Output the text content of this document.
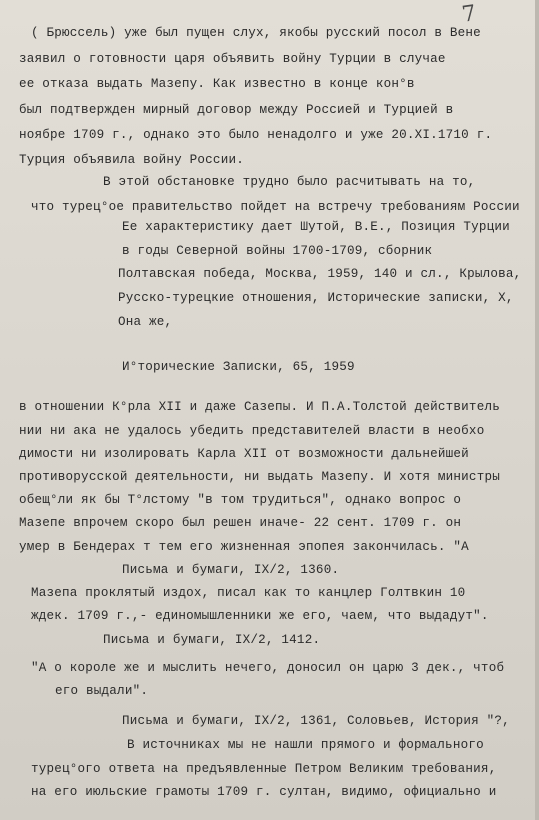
7
( Брюссель) уже был пущен слух, якобы русский посол в Вене
заявил о готовности царя объявить войну Турции в случае
ее отказа выдать Мазепу. Как известно в конце кон°в
был подтвержден мирный договор между Россией и Турцией в
ноябре 1709 г., однако это было ненадолго и уже 20.XI.1710 г.
Турция объявила войну России.
В этой обстановке трудно было расчитывать на то,
что турец°ое правительство пойдет на встречу требованиям России
Ее характеристику дает Шутой, В.Е., Позиция Турции
в годы Северной войны 1700-1709, сборник
Полтавская победа, Москва, 1959, 140 и сл., Крылова,
Русско-турецкие отношения, Исторические записки, Х,
Она же,
И°торические Записки, 65, 1959
в отношении К°рла XII и даже Сазепы. И П.А.Толстой действитель
нии ни ака не удалось убедить представителей власти в необхо
димости ни изолировать Карла XII от возможности дальнейшей
противорусской деятельности, ни выдать Мазепу. И хотя министры
обещ°ли як бы Т°лстому "в том трудиться", однако вопрос о
Мазепе впрочем скоро был решен иначе- 22 сент. 1709 г. он
умер в Бендерах т тем его жизненная эпопея закончилась. "А
Письма и бумаги, IX/2, 1360.
Мазепа проклятый издох, писал как то канцлер Голтвкин 10
ждек. 1709 г.,- единомышленники же его, чаем, что выдадут".
Письма и бумаги, IX/2, 1412.
"А о короле же и мыслить нечего, доносил он царю 3 дек., чтоб
его выдали".
Письма и бумаги, IX/2, 1361, Соловьев, История "?,
В источниках мы не нашли прямого и формального
турец°ого ответа на предъявленные Петром Великим требования,
на его июльские грамоты 1709 г. султан, видимо, официально и
